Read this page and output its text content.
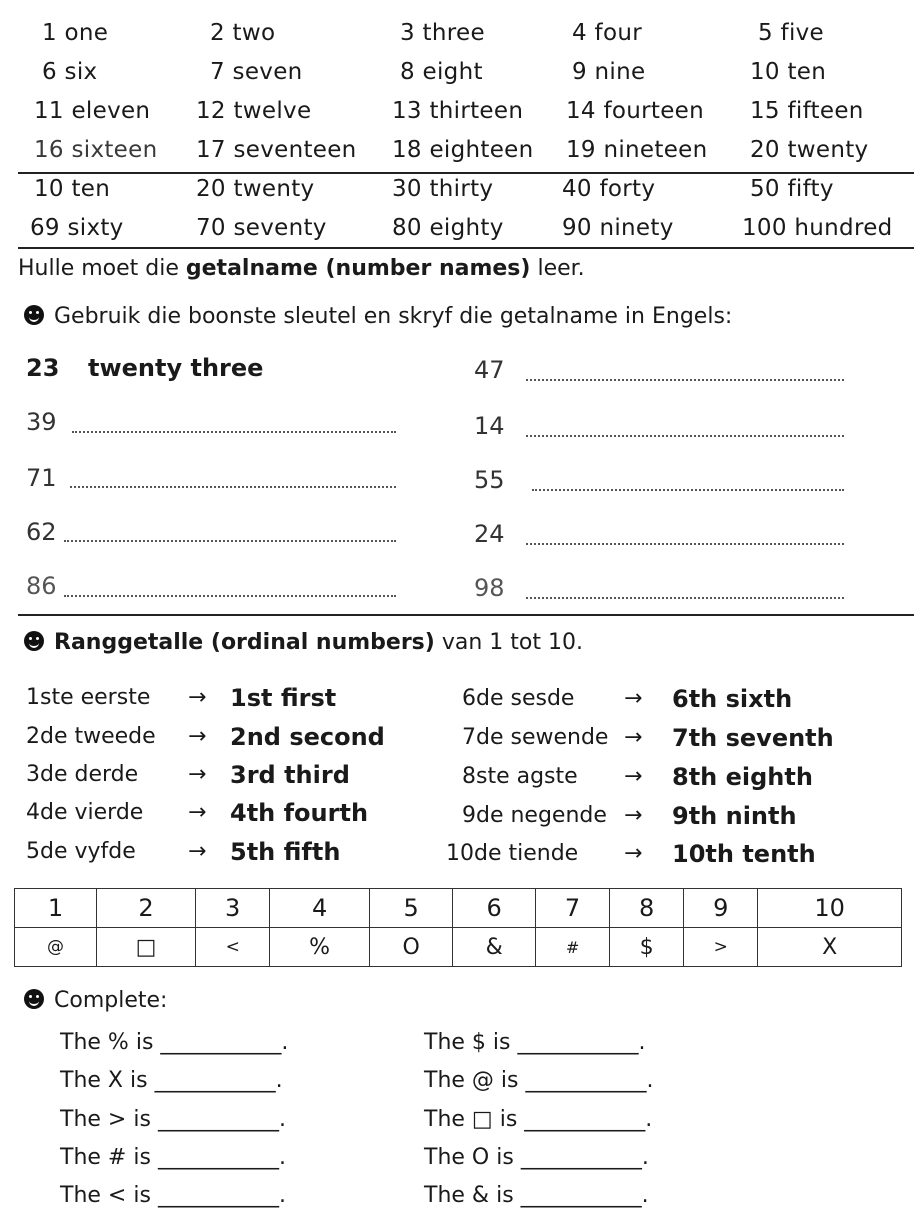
1 one	2 two	3 three	4 four	5 five
6 six	7 seven	8 eight	9 nine	10 ten
11 eleven 12 twelve	13 thirteen 14 fourteen 15 fifteen
16 sixteen 17 seventeen 18 eighteen 19 nineteen 20 twenty
10 ten	20 twenty	30 thirty	40 forty	50 fifty
69 sixty	70 seventy	80 eighty	90 ninety	100 hundred
Hulle moet die getalname (number names) leer.
Gebruik die boonste sleutel en skryf die getalname in Engels:
23 twenty three
39
71
62
86
47
14
55
24
98
Ranggetalle (ordinal numbers) van 1 tot 10.
1ste eerste → 1st first
2de tweede → 2nd second
3de derde → 3rd third
4de vierde → 4th fourth
5de vyfde → 5th fifth
6de sesde → 6th sixth
7de sewende → 7th seventh
8ste agste → 8th eighth
9de negende → 9th ninth
10de tiende → 10th tenth
1	2	3	4	5	6	7	8	9	10
@	□	<	%	O	&	#	$	>	X
Complete:
The % is ___________.
The X is ___________.
The > is ___________.
The # is ___________.
The < is ___________.
The $ is ___________.
The @ is ___________.
The □ is ___________.
The O is ___________.
The & is ___________.
